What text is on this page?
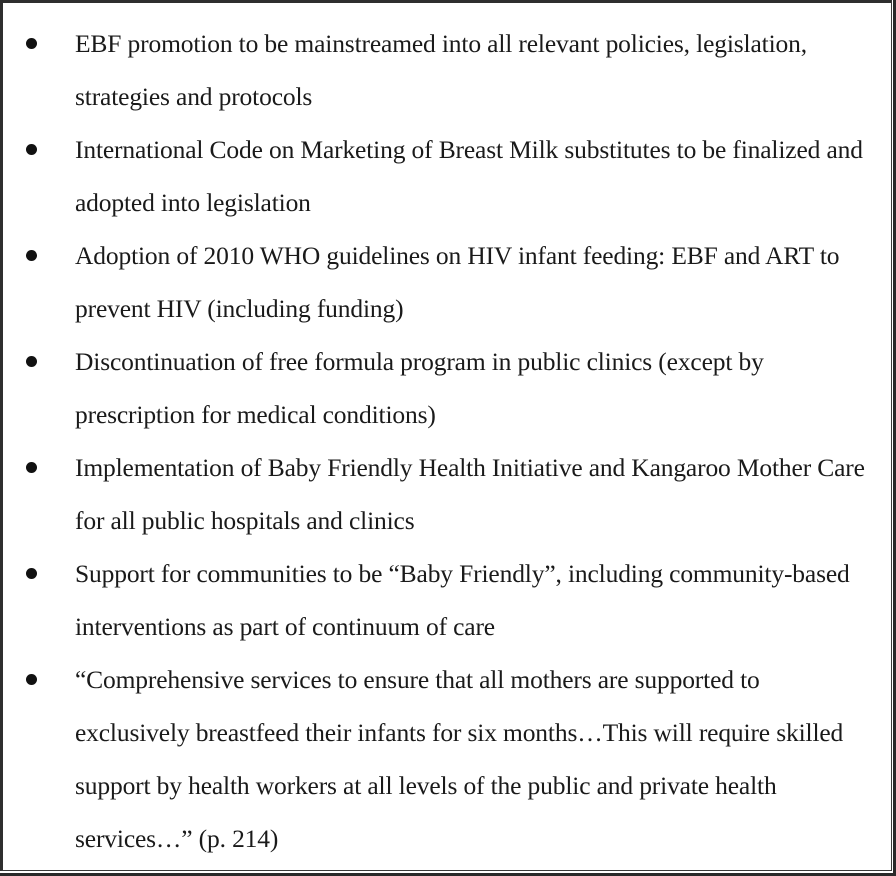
EBF promotion to be mainstreamed into all relevant policies, legislation, strategies and protocols
International Code on Marketing of Breast Milk substitutes to be finalized and adopted into legislation
Adoption of 2010 WHO guidelines on HIV infant feeding: EBF and ART to prevent HIV (including funding)
Discontinuation of free formula program in public clinics (except by prescription for medical conditions)
Implementation of Baby Friendly Health Initiative and Kangaroo Mother Care for all public hospitals and clinics
Support for communities to be “Baby Friendly”, including community-based interventions as part of continuum of care
“Comprehensive services to ensure that all mothers are supported to exclusively breastfeed their infants for six months…This will require skilled support by health workers at all levels of the public and private health services…” (p. 214)
